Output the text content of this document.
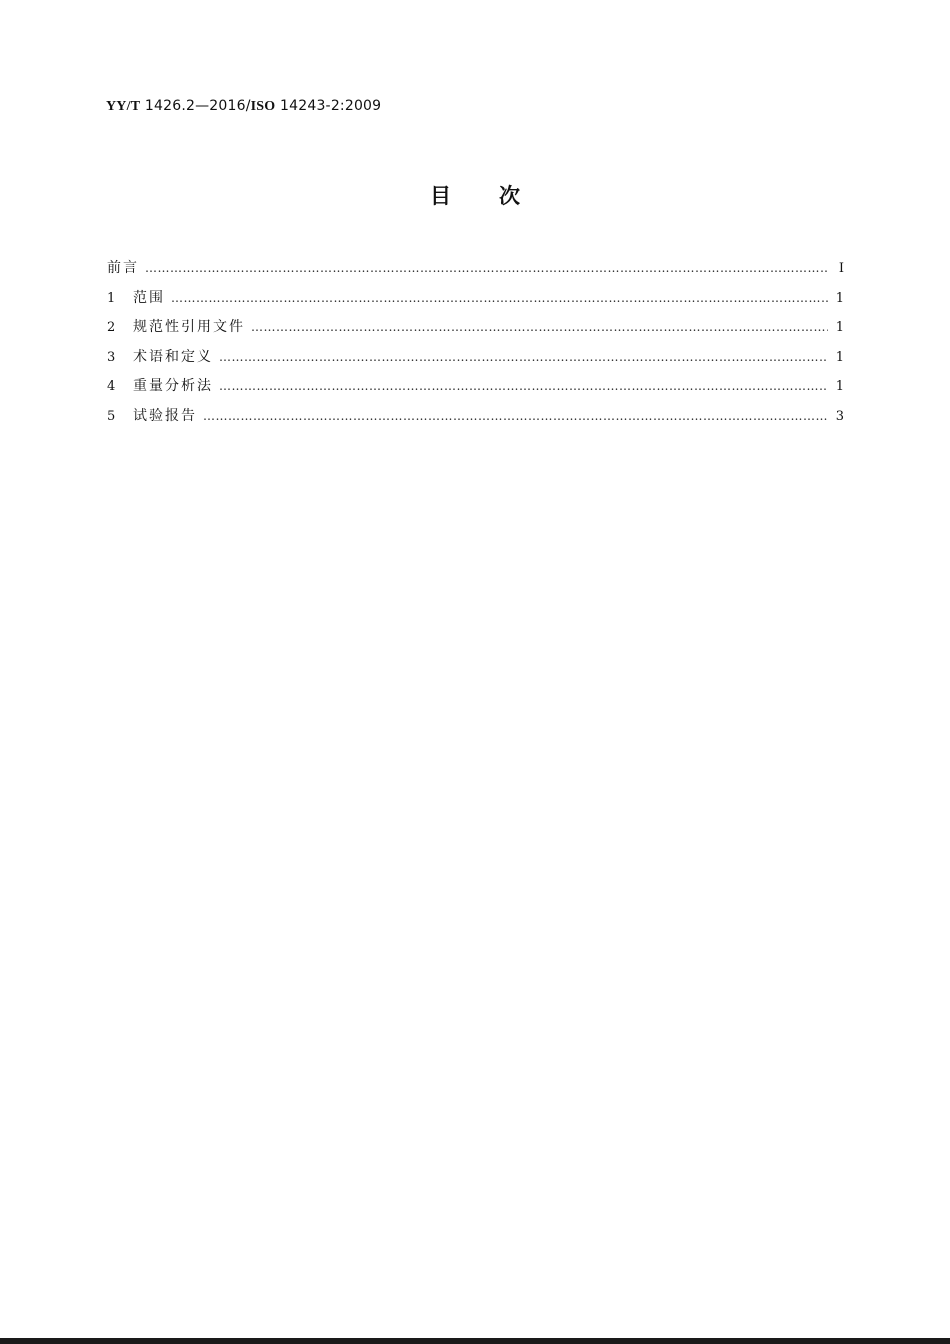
YY/T 1426.2—2016/ISO 14243-2:2009
目次
前言 …………………………………………………………………………………………………………………………………………………………………………………………………………………………………………	Ⅰ
1	范围 …………………………………………………………………………………………………………………………………………………………………………………………………………………………………………	1
2	规范性引用文件 …………………………………………………………………………………………………………………………………………………………………………………………………………………………………………	1
3	术语和定义 …………………………………………………………………………………………………………………………………………………………………………………………………………………………………………	1
4	重量分析法 …………………………………………………………………………………………………………………………………………………………………………………………………………………………………………	1
5	试验报告 …………………………………………………………………………………………………………………………………………………………………………………………………………………………………………	3
